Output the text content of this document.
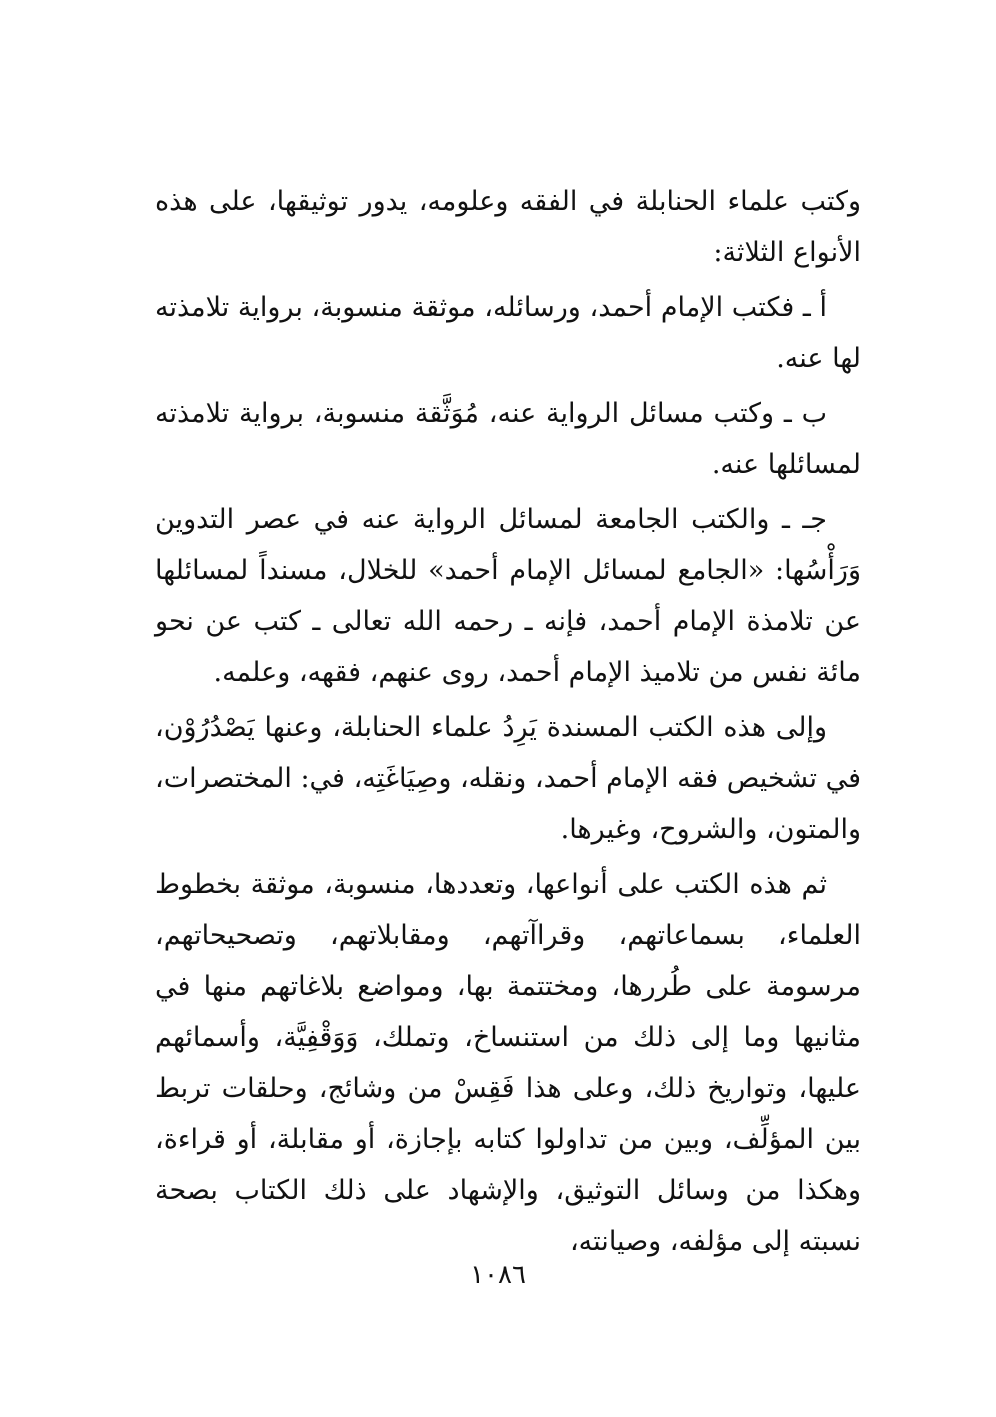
وكتب علماء الحنابلة في الفقه وعلومه، يدور توثيقها، على هذه الأنواع الثلاثة:

أ ـ فكتب الإمام أحمد، ورسائله، موثقة منسوبة، برواية تلامذته لها عنه.

ب ـ وكتب مسائل الرواية عنه، مُوَثَّقة منسوبة، برواية تلامذته لمسائلها عنه.

جـ ـ والكتب الجامعة لمسائل الرواية عنه في عصر التدوين وَرَأْسُها: «الجامع لمسائل الإمام أحمد» للخلال، مسنداً لمسائلها عن تلامذة الإمام أحمد، فإنه ـ رحمه الله تعالى ـ كتب عن نحو مائة نفس من تلاميذ الإمام أحمد، روى عنهم، فقهه، وعلمه.

وإلى هذه الكتب المسندة يَرِدُ علماء الحنابلة، وعنها يَصْدُرُوْن، في تشخيص فقه الإمام أحمد، ونقله، وصِيَاغَتِه، في: المختصرات، والمتون، والشروح، وغيرها.

ثم هذه الكتب على أنواعها، وتعددها، منسوبة، موثقة بخطوط العلماء، بسماعاتهم، وقراآتهم، ومقابلاتهم، وتصحيحاتهم، مرسومة على طُررها، ومختتمة بها، ومواضع بلاغاتهم منها في مثانيها وما إلى ذلك من استنساخ، وتملك، وَوَقْفِيَّة، وأسمائهم عليها، وتواريخ ذلك، وعلى هذا فَقِسْ من وشائج، وحلقات تربط بين المؤلِّف، وبين من تداولوا كتابه بإجازة، أو مقابلة، أو قراءة، وهكذا من وسائل التوثيق، والإشهاد على ذلك الكتاب بصحة نسبته إلى مؤلفه، وصيانته،

١٠٨٦
